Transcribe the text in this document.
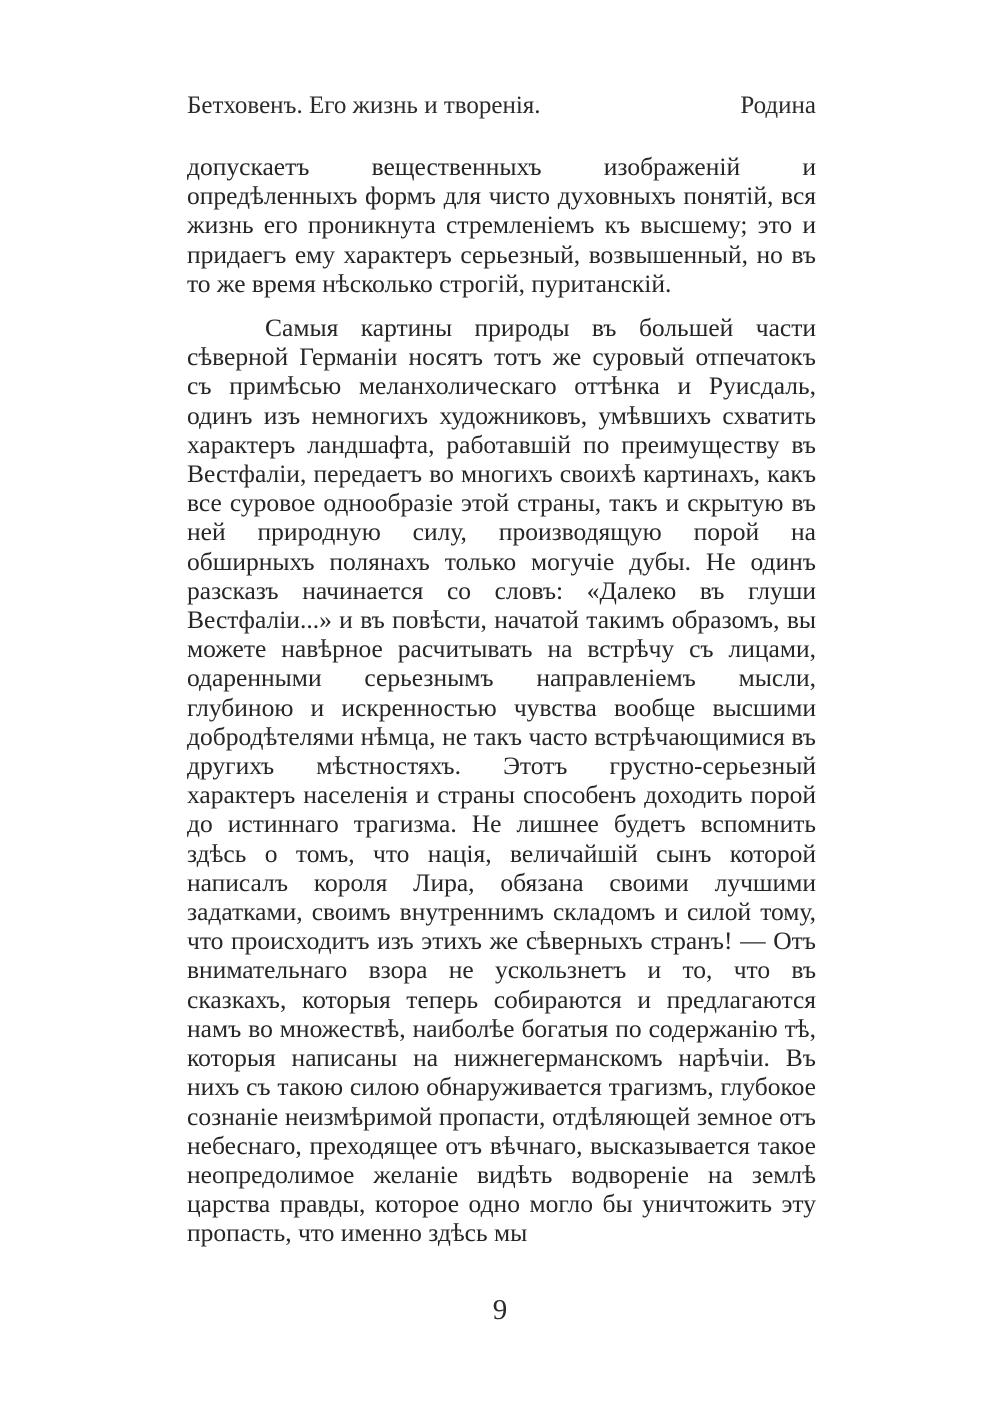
Бетховенъ. Его жизнь и творенія.	Родина

допускаетъ вещественныхъ изображеній и опредѣленныхъ формъ для чисто духовныхъ понятій, вся жизнь его проникнута стремленіемъ къ высшему; это и придаегъ ему характеръ серьезный, возвышенный, но въ то же время нѣсколько строгій, пуританскій.

Самыя картины природы въ большей части сѣверной Германіи носятъ тотъ же суровый отпечатокъ съ примѣсью меланхолическаго оттѣнка и Руисдаль, одинъ изъ немногихъ художниковъ, умѣвшихъ схватить характеръ ландшафта, работавшій по преимуществу въ Вестфаліи, передаетъ во многихъ своихѣ картинахъ, какъ все суровое однообразіе этой страны, такъ и скрытую въ ней природную силу, производящую порой на обширныхъ полянахъ только могучіе дубы. Не одинъ разсказъ начинается со словъ: «Далеко въ глуши Вестфаліи...» и въ повѣсти, начатой такимъ образомъ, вы можете навѣрное расчитывать на встрѣчу съ лицами, одаренными серьезнымъ направленіемъ мысли, глубиною и искренностью чувства вообще высшими добродѣтелями нѣмца, не такъ часто встрѣчающимися въ другихъ мѣстностяхъ. Этотъ грустно-серьезный характеръ населенія и страны способенъ доходить порой до истиннаго трагизма. Не лишнее будетъ вспомнить здѣсь о томъ, что нація, величайшій сынъ которой написалъ короля Лира, обязана своими лучшими задатками, своимъ внутреннимъ складомъ и силой тому, что происходитъ изъ этихъ же сѣверныхъ странъ! — Отъ внимательнаго взора не ускользнетъ и то, что въ сказкахъ, которыя теперь собираются и предлагаются намъ во множествѣ, наиболѣе богатыя по содержанію тѣ, которыя написаны на нижнегерманскомъ нарѣчіи. Въ нихъ съ такою силою обнаруживается трагизмъ, глубокое сознаніе неизмѣримой пропасти, отдѣляющей земное отъ небеснаго, преходящее отъ вѣчнаго, высказывается такое неопредолимое желаніе видѣть водвореніе на землѣ царства правды, которое одно могло бы уничтожить эту пропасть, что именно здѣсь мы

9
